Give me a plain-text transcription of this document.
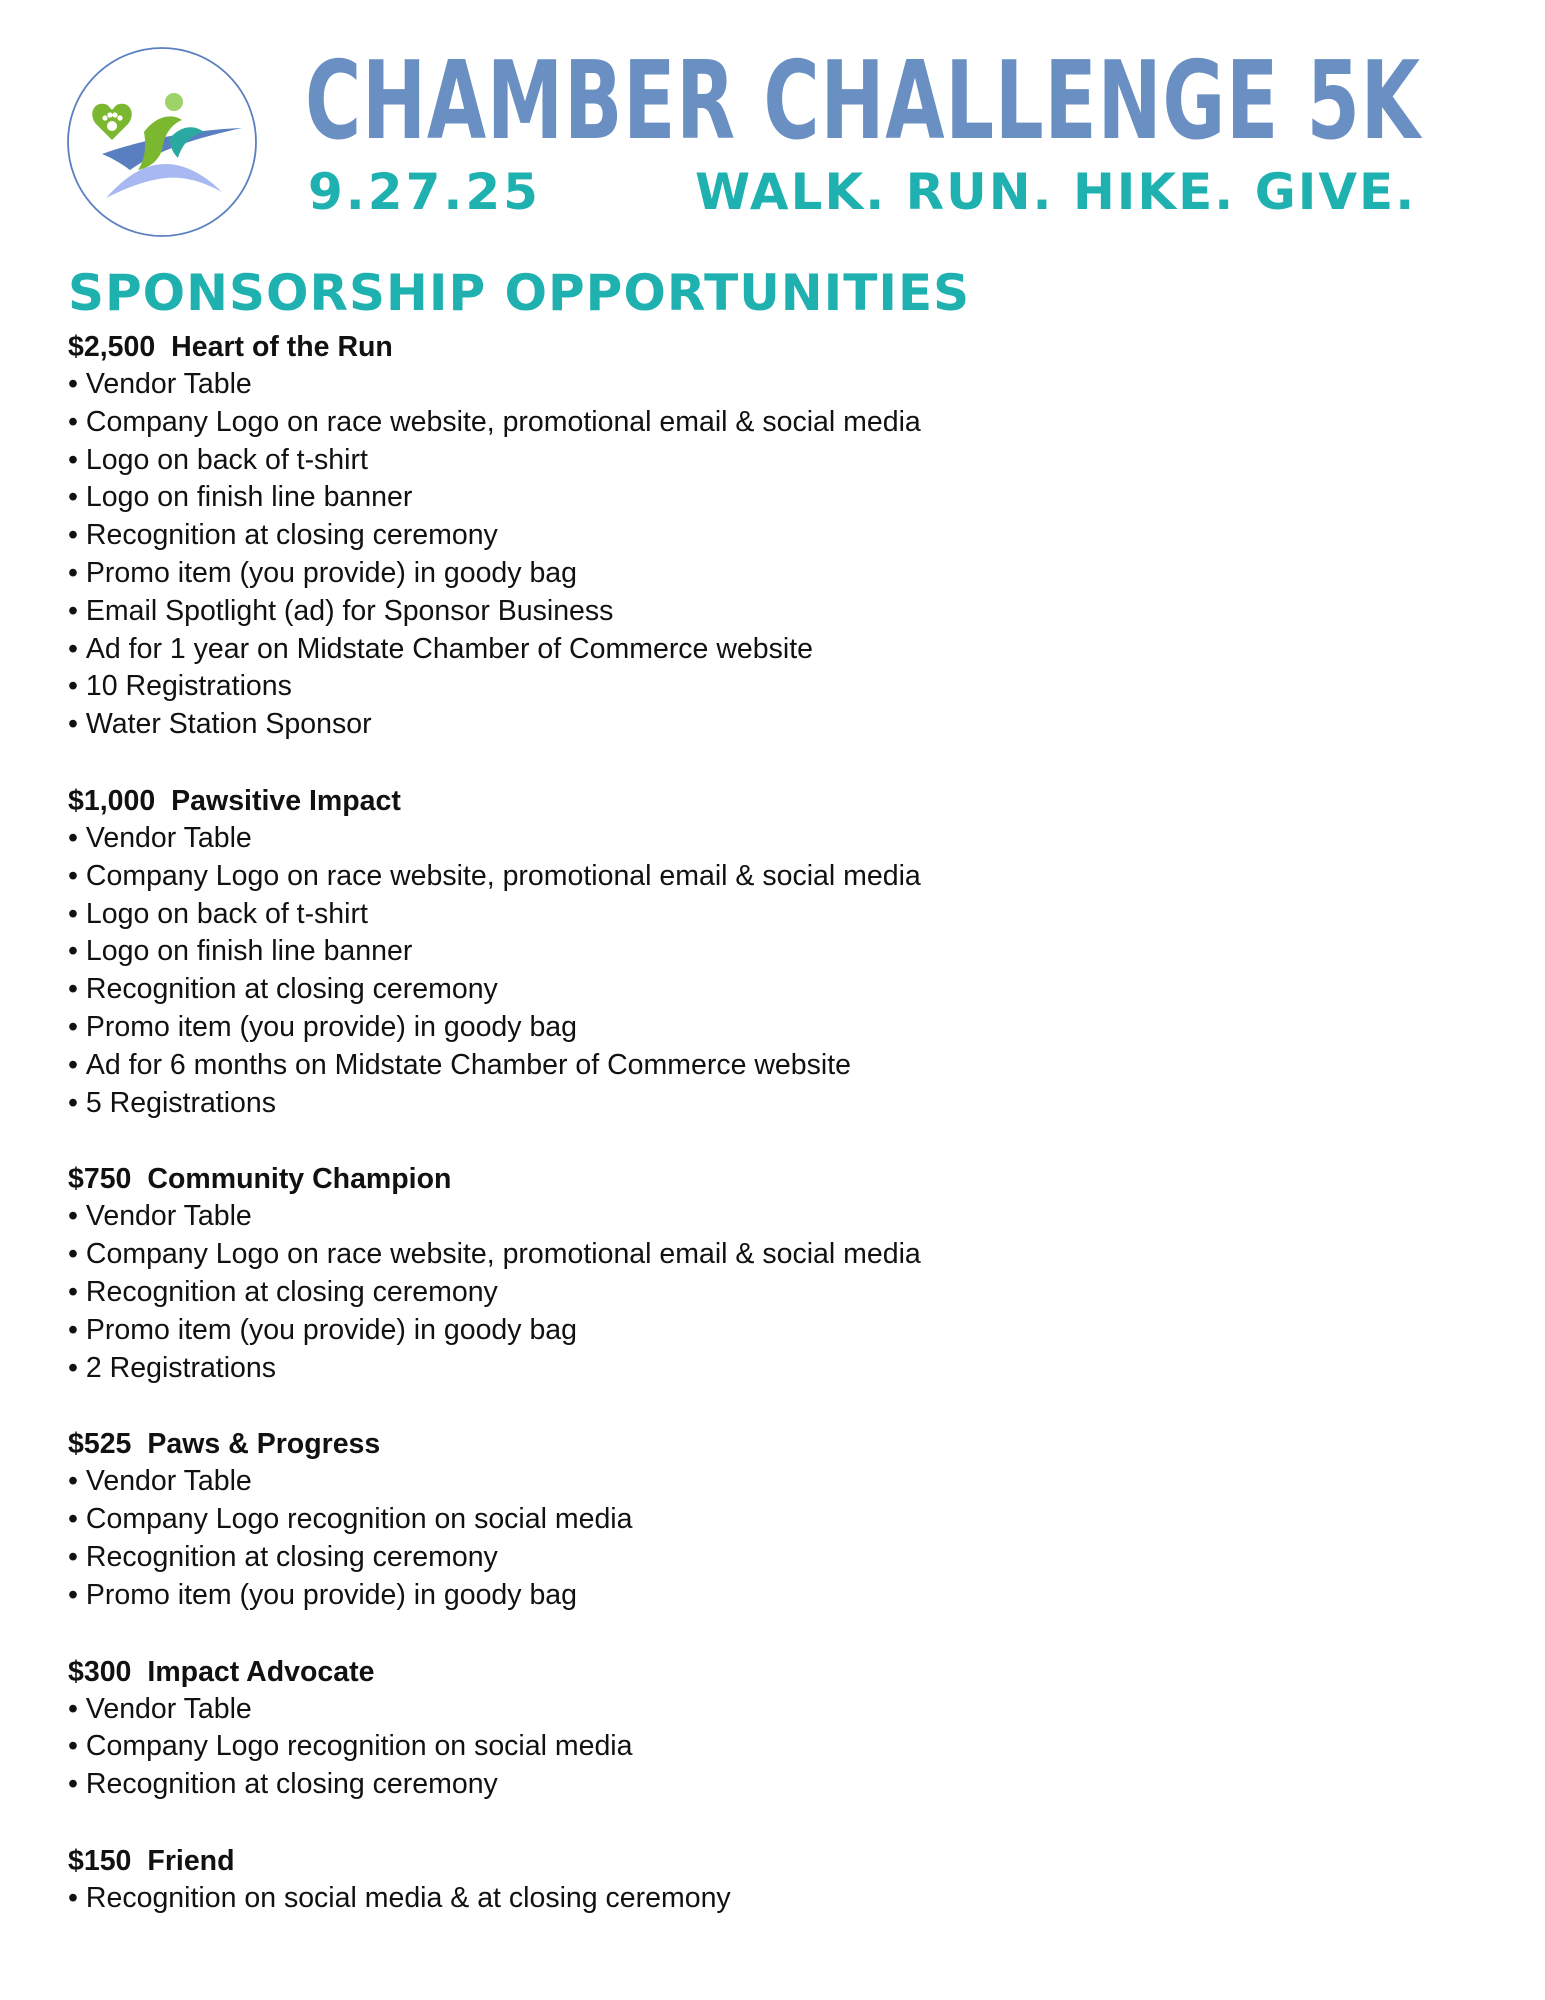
CHAMBER CHALLENGE 5K
9.27.25	WALK. RUN. HIKE. GIVE.
SPONSORSHIP OPPORTUNITIES
$2,500 Heart of the Run
• Vendor Table
• Company Logo on race website, promotional email & social media
• Logo on back of t-shirt
• Logo on finish line banner
• Recognition at closing ceremony
• Promo item (you provide) in goody bag
• Email Spotlight (ad) for Sponsor Business
• Ad for 1 year on Midstate Chamber of Commerce website
• 10 Registrations
• Water Station Sponsor
$1,000 Pawsitive Impact
• Vendor Table
• Company Logo on race website, promotional email & social media
• Logo on back of t-shirt
• Logo on finish line banner
• Recognition at closing ceremony
• Promo item (you provide) in goody bag
• Ad for 6 months on Midstate Chamber of Commerce website
• 5 Registrations
$750 Community Champion
• Vendor Table
• Company Logo on race website, promotional email & social media
• Recognition at closing ceremony
• Promo item (you provide) in goody bag
• 2 Registrations
$525 Paws & Progress
• Vendor Table
• Company Logo recognition on social media
• Recognition at closing ceremony
• Promo item (you provide) in goody bag
$300 Impact Advocate
• Vendor Table
• Company Logo recognition on social media
• Recognition at closing ceremony
$150 Friend
• Recognition on social media & at closing ceremony
